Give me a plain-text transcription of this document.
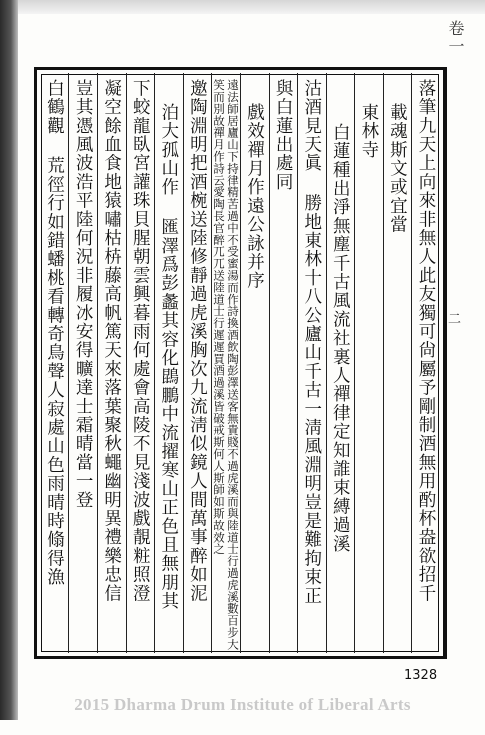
卷一
二
落筆九天上向來非無人此友獨可尙屬予剛制酒無用酌杯盎欲招千
載魂斯文或宜當
東林寺
白蓮種出淨無塵千古風流社裏人禪律定知誰束縛過溪
沽酒見天眞 勝地東林十八公廬山千古一淸風淵明豈是難拘束正
與白蓮出處同
戲效禪月作遠公詠并序
遠法師居廬山下持律精苦過中不受蜜湯而作詩換酒飲陶彭澤送客無貴賤不過虎溪而與陸道士行過虎溪數百步大笑而別故禪月作詩云愛陶長官醉兀兀送陸道士行遲遲買酒過溪皆破戒斯何人斯師如斯故效之
邀陶淵明把酒椀送陸修靜過虎溪胸次九流淸似鏡人間萬事醉如泥
泊大孤山作 匯澤爲彭蠡其容化鵾鵬中流擢寒山正色且無朋其
下蛟龍臥宮讙珠貝腥朝雲興暮雨何處會高陵不見淺波戲靚粧照澄
凝空餘血食地猿嘯枯枿藤高帆篤天來落葉聚秋蠅幽明異禮樂忠信
豈其憑風波浩平陸何況非履冰安得曠達士霜晴當一登
白鶴觀 荒徑行如錯蟠桃看轉奇鳥聲人寂處山色雨晴時翛得漁
1328
2015 Dharma Drum Institute of Liberal Arts
